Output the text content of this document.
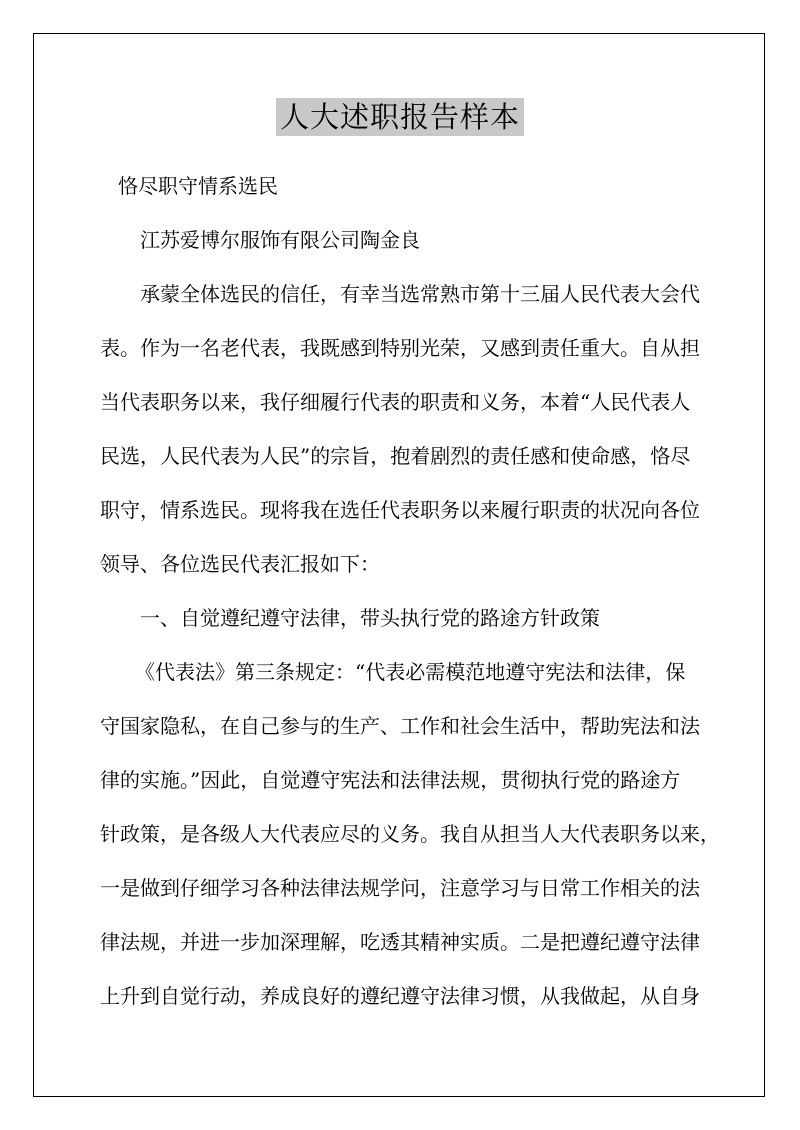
人大述职报告样本
恪尽职守情系选民
江苏爱博尔服饰有限公司陶金良
承蒙全体选民的信任，有幸当选常熟市第十三届人民代表大会代
表。作为一名老代表，我既感到特别光荣，又感到责任重大。自从担
当代表职务以来，我仔细履行代表的职责和义务，本着“人民代表人
民选，人民代表为人民”的宗旨，抱着剧烈的责任感和使命感，恪尽
职守，情系选民。现将我在选任代表职务以来履行职责的状况向各位
领导、各位选民代表汇报如下：
一、自觉遵纪遵守法律，带头执行党的路途方针政策
《代表法》第三条规定：“代表必需模范地遵守宪法和法律，保
守国家隐私，在自己参与的生产、工作和社会生活中，帮助宪法和法
律的实施。”因此，自觉遵守宪法和法律法规，贯彻执行党的路途方
针政策，是各级人大代表应尽的义务。我自从担当人大代表职务以来，
一是做到仔细学习各种法律法规学问，注意学习与日常工作相关的法
律法规，并进一步加深理解，吃透其精神实质。二是把遵纪遵守法律
上升到自觉行动，养成良好的遵纪遵守法律习惯，从我做起，从自身
